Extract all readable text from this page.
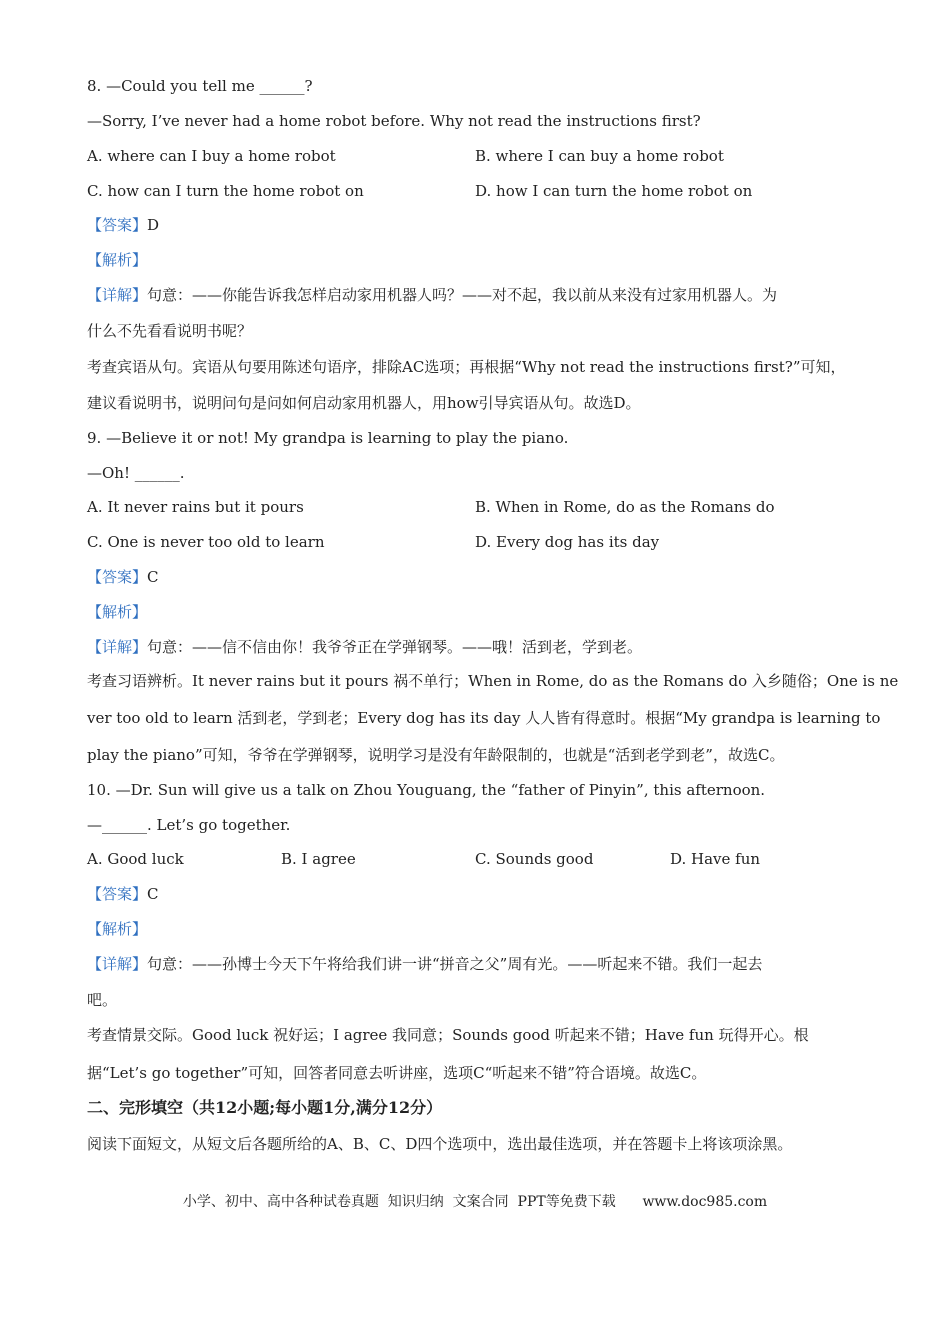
8. —Could you tell me ______?
—Sorry, I’ve never had a home robot before. Why not read the instructions first?
A. where can I buy a home robot	B. where I can buy a home robot
C. how can I turn the home robot on	D. how I can turn the home robot on
【答案】D
【解析】
【详解】句意：——你能告诉我怎样启动家用机器人吗？——对不起，我以前从来没有过家用机器人。为
什么不先看看说明书呢？
考查宾语从句。宾语从句要用陈述句语序，排除AC选项；再根据“Why not read the instructions first?”可知，
建议看说明书，说明问句是问如何启动家用机器人，用how引导宾语从句。故选D。
9. —Believe it or not! My grandpa is learning to play the piano.
—Oh! ______.
A. It never rains but it pours	B. When in Rome, do as the Romans do
C. One is never too old to learn	D. Every dog has its day
【答案】C
【解析】
【详解】句意：——信不信由你！我爷爷正在学弹钢琴。——哦！活到老，学到老。
考查习语辨析。It never rains but it pours 祸不单行；When in Rome, do as the Romans do 入乡随俗；One is ne
ver too old to learn 活到老，学到老；Every dog has its day 人人皆有得意时。根据“My grandpa is learning to
play the piano”可知，爷爷在学弹钢琴，说明学习是没有年龄限制的，也就是“活到老学到老”，故选C。
10. —Dr. Sun will give us a talk on Zhou Youguang, the “father of Pinyin”, this afternoon.
—______. Let’s go together.
A. Good luck	B. I agree	C. Sounds good	D. Have fun
【答案】C
【解析】
【详解】句意：——孙博士今天下午将给我们讲一讲“拼音之父”周有光。——听起来不错。我们一起去
吧。
考查情景交际。Good luck 祝好运；I agree 我同意；Sounds good 听起来不错；Have fun 玩得开心。根
据“Let’s go together”可知，回答者同意去听讲座，选项C“听起来不错”符合语境。故选C。
二、完形填空（共12小题;每小题1分,满分12分）
阅读下面短文，从短文后各题所给的A、B、C、D四个选项中，选出最佳选项，并在答题卡上将该项涂黑。
小学、初中、高中各种试卷真题  知识归纳  文案合同  PPT等免费下载 www.doc985.com
